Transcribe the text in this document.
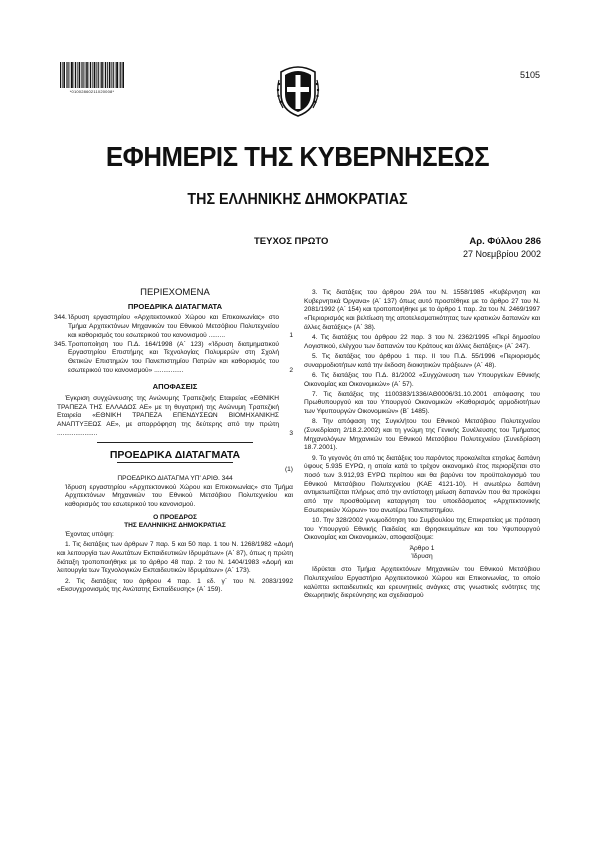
*01002860211020008*
5105
ΕΦΗΜΕΡΙΣ ΤΗΣ ΚΥΒΕΡΝΗΣΕΩΣ
ΤΗΣ ΕΛΛΗΝΙΚΗΣ ΔΗΜΟΚΡΑΤΙΑΣ
ΤΕΥΧΟΣ ΠΡΩΤΟ	Αρ. Φύλλου 286
27 Νοεμβρίου 2002
ΠΕΡΙΕΧΟΜΕΝΑ
ΠΡΟΕΔΡΙΚΑ ΔΙΑΤΑΓΜΑΤΑ
344. Ίδρυση εργαστηρίου «Αρχιτεκτονικού Χώρου και Επικοινωνίας» στο Τμήμα Αρχιτεκτόνων Μηχανικών του Εθνικού Μετσόβιου Πολυτεχνείου και καθορισμός του εσωτερικού του κανονισμού .........	1
345. Τροποποίηση του Π.Δ. 164/1998 (Α΄ 123) «Ίδρυση διατμηματικού Εργαστηρίου Επιστήμης και Τεχνολογίας Πολυμερών στη Σχολή Θετικών Επιστημών του Πανεπιστημίου Πατρών και καθορισμός του εσωτερικού του κανονισμού» ................	2
ΑΠΟΦΑΣΕΙΣ
Έγκριση συγχώνευσης της Ανώνυμης Τραπεζικής Εταιρείας «ΕΘΝΙΚΗ ΤΡΑΠΕΖΑ ΤΗΣ ΕΛΛΑΔΟΣ ΑΕ» με τη θυγατρική της Ανώνυμη Τραπεζική Εταιρεία «ΕΘΝΙΚΗ ΤΡΑΠΕΖΑ ΕΠΕΝΔΥΣΕΩΝ ΒΙΟΜΗΧΑΝΙΚΗΣ ΑΝΑΠΤΥΞΕΩΣ ΑΕ», με απορρόφηση της δεύτερης από την πρώτη ......................	3
ΠΡΟΕΔΡΙΚΑ ΔΙΑΤΑΓΜΑΤΑ
(1)
ΠΡΟΕΔΡΙΚΟ ΔΙΑΤΑΓΜΑ ΥΠ' ΑΡΙΘ. 344
Ίδρυση εργαστηρίου «Αρχιτεκτονικού Χώρου και Επικοινωνίας» στο Τμήμα Αρχιτεκτόνων Μηχανικών του Εθνικού Μετσόβιου Πολυτεχνείου και καθορισμός του εσωτερικού του κανονισμού.
Ο ΠΡΟΕΔΡΟΣ
ΤΗΣ ΕΛΛΗΝΙΚΗΣ ΔΗΜΟΚΡΑΤΙΑΣ
Έχοντας υπόψη:
1. Τις διατάξεις των άρθρων 7 παρ. 5 και 50 παρ. 1 του Ν. 1268/1982 «Δομή και λειτουργία των Ανωτάτων Εκπαιδευτικών Ιδρυμάτων» (Α΄ 87), όπως η πρώτη διάταξη τροποποιήθηκε με το άρθρο 48 παρ. 2 του Ν. 1404/1983 «Δομή και λειτουργία των Τεχνολογικών Εκπαιδευτικών Ιδρυμάτων» (Α΄ 173).
2. Τις διατάξεις του άρθρου 4 παρ. 1 εδ. γ΄ του Ν. 2083/1992 «Εκσυγχρονισμός της Ανώτατης Εκπαίδευσης» (Α΄ 159).
3. Τις διατάξεις του άρθρου 29Α του Ν. 1558/1985 «Κυβέρνηση και Κυβερνητικά Όργανα» (Α΄ 137) όπως αυτό προστέθηκε με το άρθρο 27 του Ν. 2081/1992 (Α΄ 154) και τροποποιήθηκε με το άρθρο 1 παρ. 2α του Ν. 2469/1997 «Περιορισμός και βελτίωση της αποτελεσματικότητας των κρατικών δαπανών και άλλες διατάξεις» (Α΄ 38).
4. Τις διατάξεις του άρθρου 22 παρ. 3 του Ν. 2362/1995 «Περί δημοσίου Λογιστικού, ελέγχου των δαπανών του Κράτους και άλλες διατάξεις» (Α΄ 247).
5. Τις διατάξεις του άρθρου 1 περ. ΙΙ του Π.Δ. 55/1996 «Περιορισμός συναρμοδιοτήτων κατά την έκδοση διοικητικών πράξεων» (Α΄ 48).
6. Τις διατάξεις του Π.Δ. 81/2002 «Συγχώνευση των Υπουργείων Εθνικής Οικονομίας και Οικονομικών» (Α΄ 57).
7. Τις διατάξεις της 1100383/1336/ΑΘ0006/31.10.2001 απόφασης του Πρωθυπουργού και του Υπουργού Οικονομικών «Καθορισμός αρμοδιοτήτων των Υφυπουργών Οικονομικών» (Β΄ 1485).
8. Την απόφαση της Συγκλήτου του Εθνικού Μετσόβιου Πολυτεχνείου (Συνεδρίαση 2/18.2.2002) και τη γνώμη της Γενικής Συνέλευσης του Τμήματος Μηχανολόγων Μηχανικών του Εθνικού Μετσόβιου Πολυτεχνείου (Συνεδρίαση 18.7.2001).
9. Το γεγονός ότι από τις διατάξεις του παρόντος προκαλείται ετησίως δαπάνη ύψους 5.935 ΕΥΡΩ, η οποία κατά το τρέχον οικονομικό έτος περιορίζεται στο ποσό των 3.912,93 ΕΥΡΩ περίπου και θα βαρύνει τον προϋπολογισμό του Εθνικού Μετσόβιου Πολυτεχνείου (ΚΑΕ 4121-10). Η ανωτέρω δαπάνη αντιμετωπίζεται πλήρως από την αντίστοιχη μείωση δαπανών που θα προκύψει από την προσθούμενη καταργηση του υποεδάσματος «Αρχιτεκτονικής Εσωτερικών Χώρων» του ανωτέρω Πανεπιστημίου.
10. Την 328/2002 γνωμοδότηση του Συμβουλίου της Επικρατείας με πρόταση του Υπουργού Εθνικής Παιδείας και Θρησκευμάτων και του Υφυπουργού Οικονομίας και Οικονομικών, αποφασίζουμε:
Άρθρο 1
Ίδρυση
Ιδρύεται στο Τμήμα Αρχιτεκτόνων Μηχανικών του Εθνικού Μετσόβιου Πολυτεχνείου Εργαστήριο Αρχιτεκτονικού Χώρου και Επικοινωνίας, το οποίο καλύπτει εκπαιδευτικές και ερευνητικές ανάγκες στις γνωστικές ενότητες της Θεωρητικής διερεύνησης και σχεδιασμού
